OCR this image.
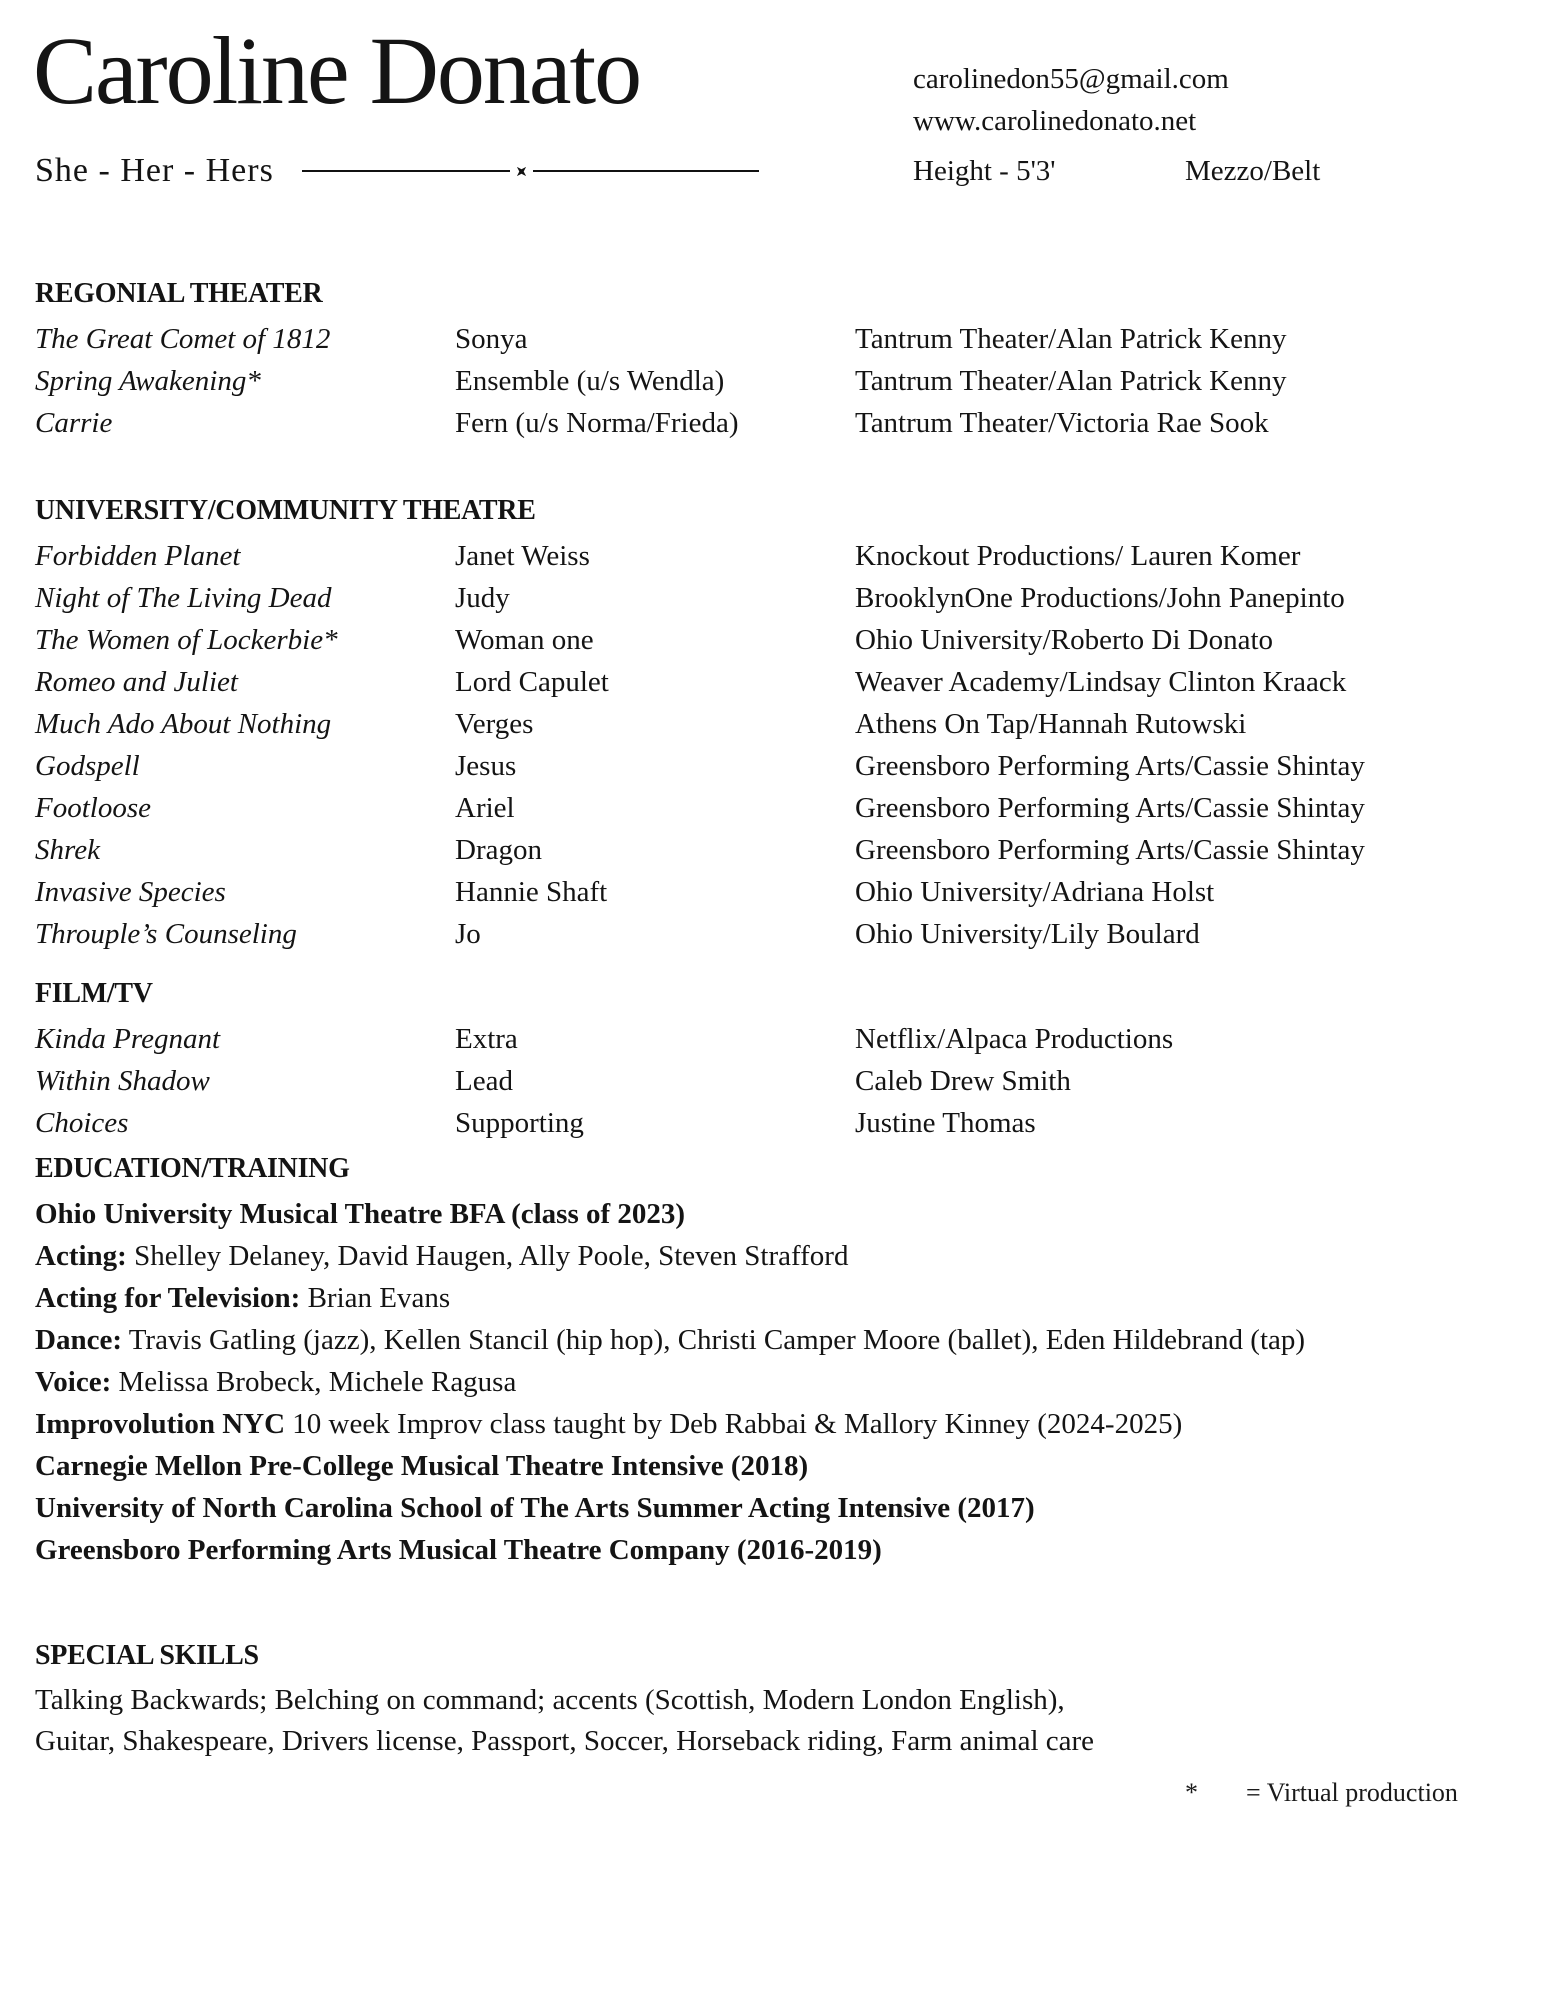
Caroline Donato
She - Her - Hers
carolinedon55@gmail.com
www.carolinedonato.net
Height - 5'3'	Mezzo/Belt
REGONIAL THEATER
The Great Comet of 1812	Sonya	Tantrum Theater/Alan Patrick Kenny
Spring Awakening*	Ensemble (u/s Wendla)	Tantrum Theater/Alan Patrick Kenny
Carrie	Fern (u/s Norma/Frieda)	Tantrum Theater/Victoria Rae Sook
UNIVERSITY/COMMUNITY THEATRE
Forbidden Planet	Janet Weiss	Knockout Productions/ Lauren Komer
Night of The Living Dead	Judy	BrooklynOne Productions/John Panepinto
The Women of Lockerbie*	Woman one	Ohio University/Roberto Di Donato
Romeo and Juliet	Lord Capulet	Weaver Academy/Lindsay Clinton Kraack
Much Ado About Nothing	Verges	Athens On Tap/Hannah Rutowski
Godspell	Jesus	Greensboro Performing Arts/Cassie Shintay
Footloose	Ariel	Greensboro Performing Arts/Cassie Shintay
Shrek	Dragon	Greensboro Performing Arts/Cassie Shintay
Invasive Species	Hannie Shaft	Ohio University/Adriana Holst
Throuple’s Counseling	Jo	Ohio University/Lily Boulard
FILM/TV
Kinda Pregnant	Extra	Netflix/Alpaca Productions
Within Shadow	Lead	Caleb Drew Smith
Choices	Supporting	Justine Thomas
EDUCATION/TRAINING
Ohio University Musical Theatre BFA (class of 2023)
Acting: Shelley Delaney, David Haugen, Ally Poole, Steven Strafford
Acting for Television: Brian Evans
Dance: Travis Gatling (jazz), Kellen Stancil (hip hop), Christi Camper Moore (ballet), Eden Hildebrand (tap)
Voice: Melissa Brobeck, Michele Ragusa
Improvolution NYC 10 week Improv class taught by Deb Rabbai & Mallory Kinney (2024-2025)
Carnegie Mellon Pre-College Musical Theatre Intensive (2018)
University of North Carolina School of The Arts Summer Acting Intensive (2017)
Greensboro Performing Arts Musical Theatre Company (2016-2019)
SPECIAL SKILLS
Talking Backwards; Belching on command; accents (Scottish, Modern London English),
Guitar, Shakespeare, Drivers license, Passport, Soccer, Horseback riding, Farm animal care
* = Virtual production
